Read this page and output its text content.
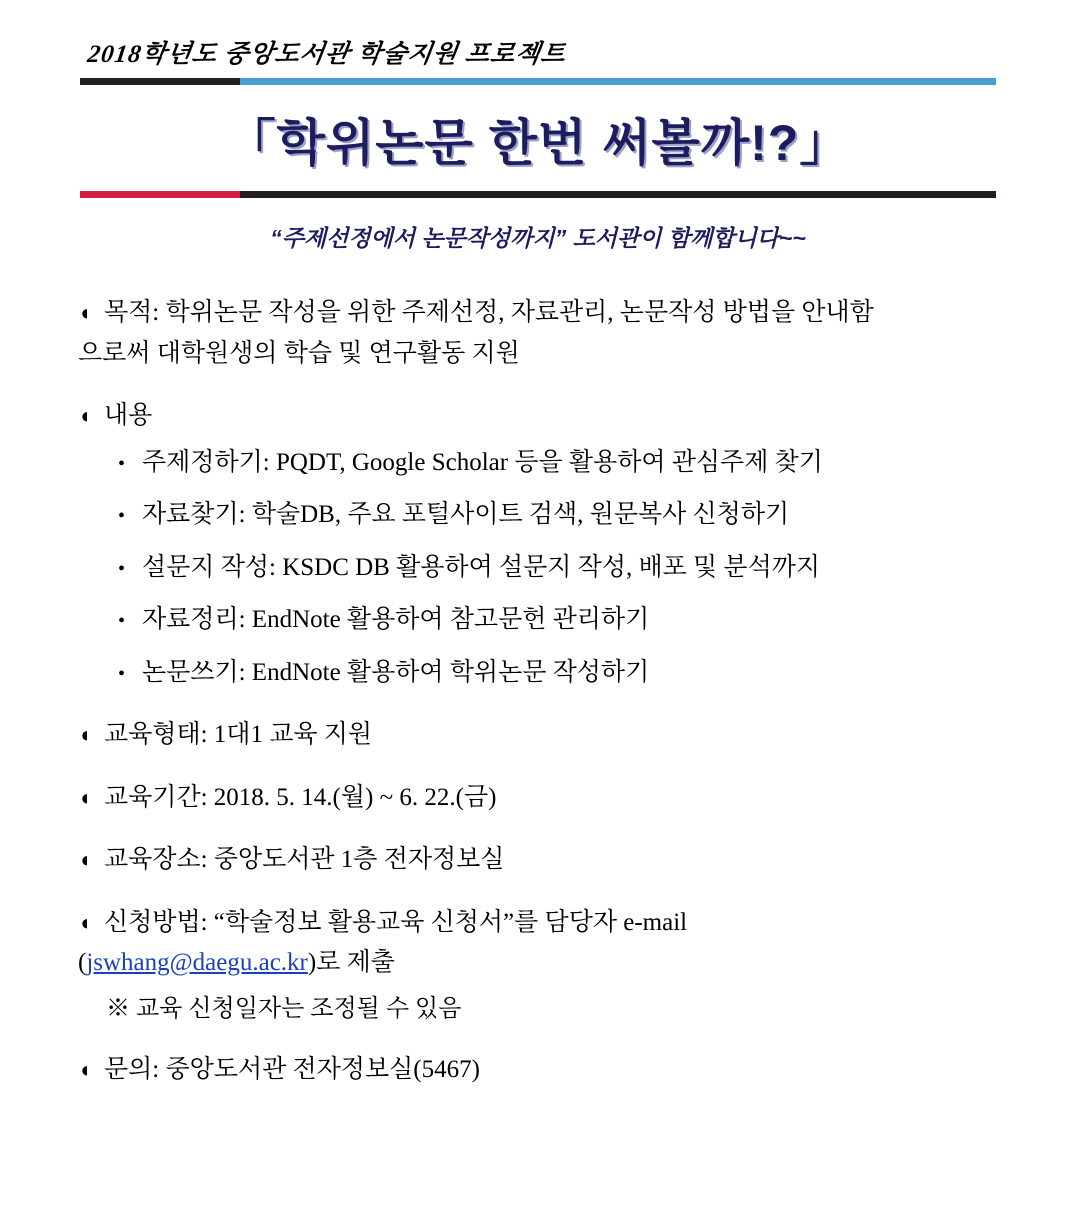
2018학년도 중앙도서관 학술지원 프로젝트
「학위논문 한번 써볼까!?」
“주제선정에서 논문작성까지” 도서관이 함께합니다~~
◖ 목적: 학위논문 작성을 위한 주제선정, 자료관리, 논문작성 방법을 안내함
으로써 대학원생의 학습 및 연구활동 지원
◖ 내용
• 주제정하기: PQDT, Google Scholar 등을 활용하여 관심주제 찾기
• 자료찾기: 학술DB, 주요 포털사이트 검색, 원문복사 신청하기
• 설문지 작성: KSDC DB 활용하여 설문지 작성, 배포 및 분석까지
• 자료정리: EndNote 활용하여 참고문헌 관리하기
• 논문쓰기: EndNote 활용하여 학위논문 작성하기
◖ 교육형태: 1대1 교육 지원
◖ 교육기간: 2018. 5. 14.(월) ~ 6. 22.(금)
◖ 교육장소: 중앙도서관 1층 전자정보실
◖ 신청방법: “학술정보 활용교육 신청서”를 담당자 e-mail
(jswhang@daegu.ac.kr)로 제출
※ 교육 신청일자는 조정될 수 있음
◖ 문의: 중앙도서관 전자정보실(5467)
